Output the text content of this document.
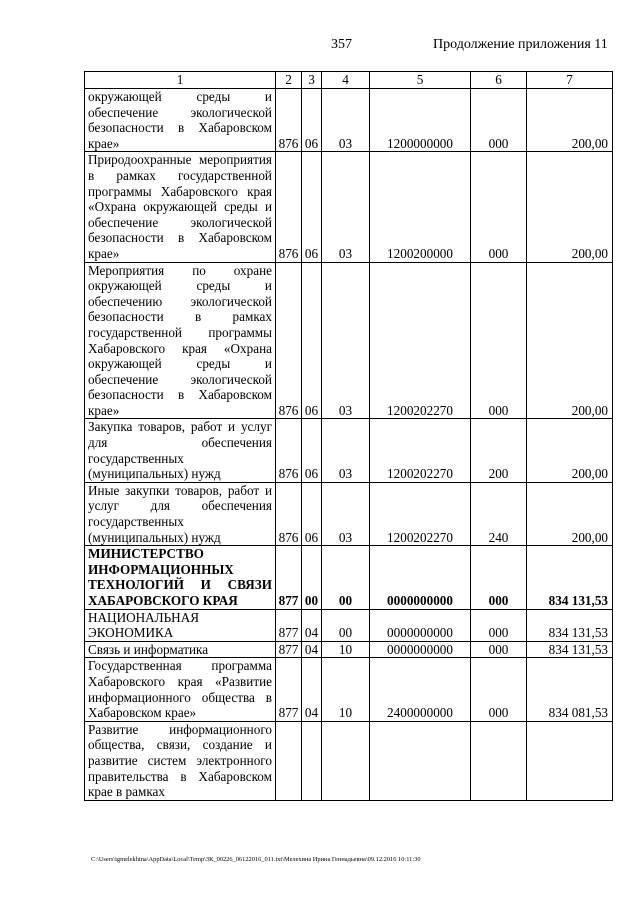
357	Продолжение приложения 11
1	2	3	4	5	6	7
окружающей среды и обеспечение экологической безопасности в Хабаровском крае»	876	06	03	1200000000	000	200,00
Природоохранные мероприятия в рамках государственной программы Хабаровского края «Охрана окружающей среды и обеспечение экологической безопасности в Хабаровском крае»	876	06	03	1200200000	000	200,00
Мероприятия по охране окружающей среды и обеспечению экологической безопасности в рамках государственной программы Хабаровского края «Охрана окружающей среды и обеспечение экологической безопасности в Хабаровском крае»	876	06	03	1200202270	000	200,00
Закупка товаров, работ и услуг для обеспечения государственных (муниципальных) нужд	876	06	03	1200202270	200	200,00
Иные закупки товаров, работ и услуг для обеспечения государственных (муниципальных) нужд	876	06	03	1200202270	240	200,00
МИНИСТЕРСТВО ИНФОРМАЦИОННЫХ ТЕХНОЛОГИЙ И СВЯЗИ ХАБАРОВСКОГО КРАЯ	877	00	00	0000000000	000	834 131,53
НАЦИОНАЛЬНАЯ ЭКОНОМИКА	877	04	00	0000000000	000	834 131,53
Связь и информатика	877	04	10	0000000000	000	834 131,53
Государственная программа Хабаровского края «Развитие информационного общества в Хабаровском крае»	877	04	10	2400000000	000	834 081,53
Развитие информационного общества, связи, создание и развитие систем электронного правительства в Хабаровском крае в рамках						
C:\Users\igmelekhina\AppData\Local\Temp\ЗК_00226_06122016_011.txt\Мелехина Ирина Геннадьевна\09.12.2016 10:11:30
